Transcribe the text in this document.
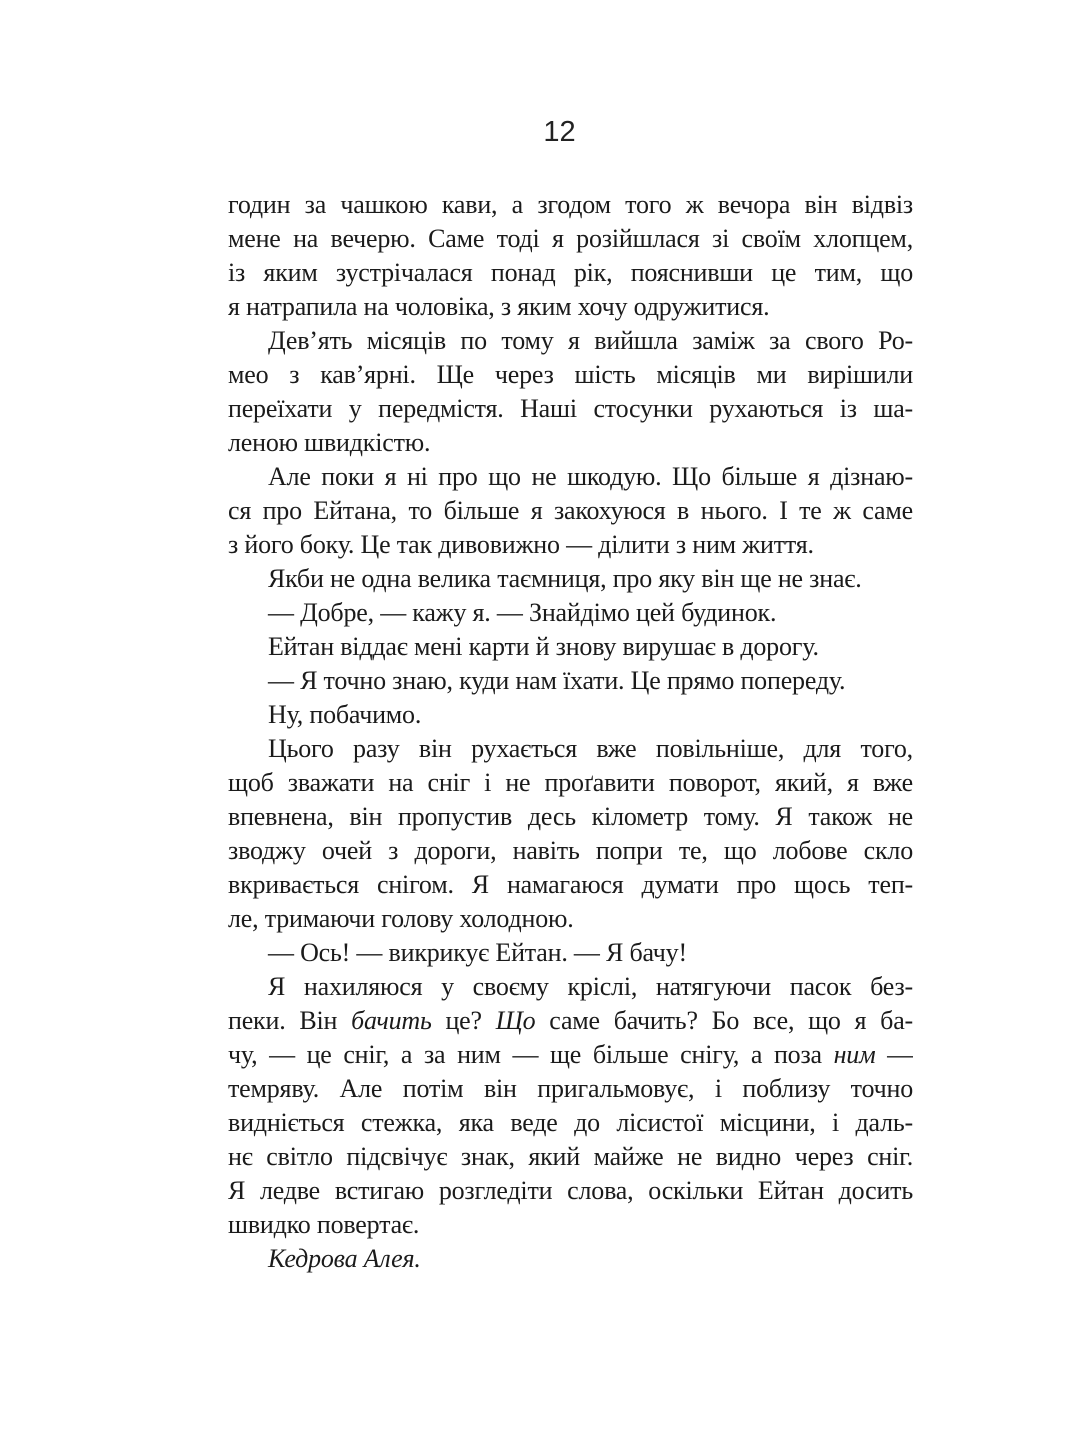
12
годин за чашкою кави, а згодом того ж вечора він відвіз
мене на вечерю. Саме тоді я розійшлася зі своїм хлопцем,
із яким зустрічалася понад рік, пояснивши це тим, що
я натрапила на чоловіка, з яким хочу одружитися.
Дев’ять місяців по тому я вийшла заміж за свого Ро-
мео з кав’ярні. Ще через шість місяців ми вирішили
переїхати у передмістя. Наші стосунки рухаються із ша-
леною швидкістю.
Але поки я ні про що не шкодую. Що більше я дізнаю-
ся про Ейтана, то більше я закохуюся в нього. І те ж саме
з його боку. Це так дивовижно — ділити з ним життя.
Якби не одна велика таємниця, про яку він ще не знає.
— Добре, — кажу я. — Знайдімо цей будинок.
Ейтан віддає мені карти й знову вирушає в дорогу.
— Я точно знаю, куди нам їхати. Це прямо попереду.
Ну, побачимо.
Цього разу він рухається вже повільніше, для того,
щоб зважати на сніг і не проґавити поворот, який, я вже
впевнена, він пропустив десь кілометр тому. Я також не
зводжу очей з дороги, навіть попри те, що лобове скло
вкривається снігом. Я намагаюся думати про щось теп-
ле, тримаючи голову холодною.
— Ось! — викрикує Ейтан. — Я бачу!
Я нахиляюся у своєму кріслі, натягуючи пасок без-
пеки. Він бачить це? Що саме бачить? Бо все, що я ба-
чу, — це сніг, а за ним — ще більше снігу, а поза ним —
темряву. Але потім він пригальмовує, і поблизу точно
видніється стежка, яка веде до лісистої місцини, і даль-
нє світло підсвічує знак, який майже не видно через сніг.
Я ледве встигаю розгледіти слова, оскільки Ейтан досить
швидко повертає.
Кедрова Алея.
